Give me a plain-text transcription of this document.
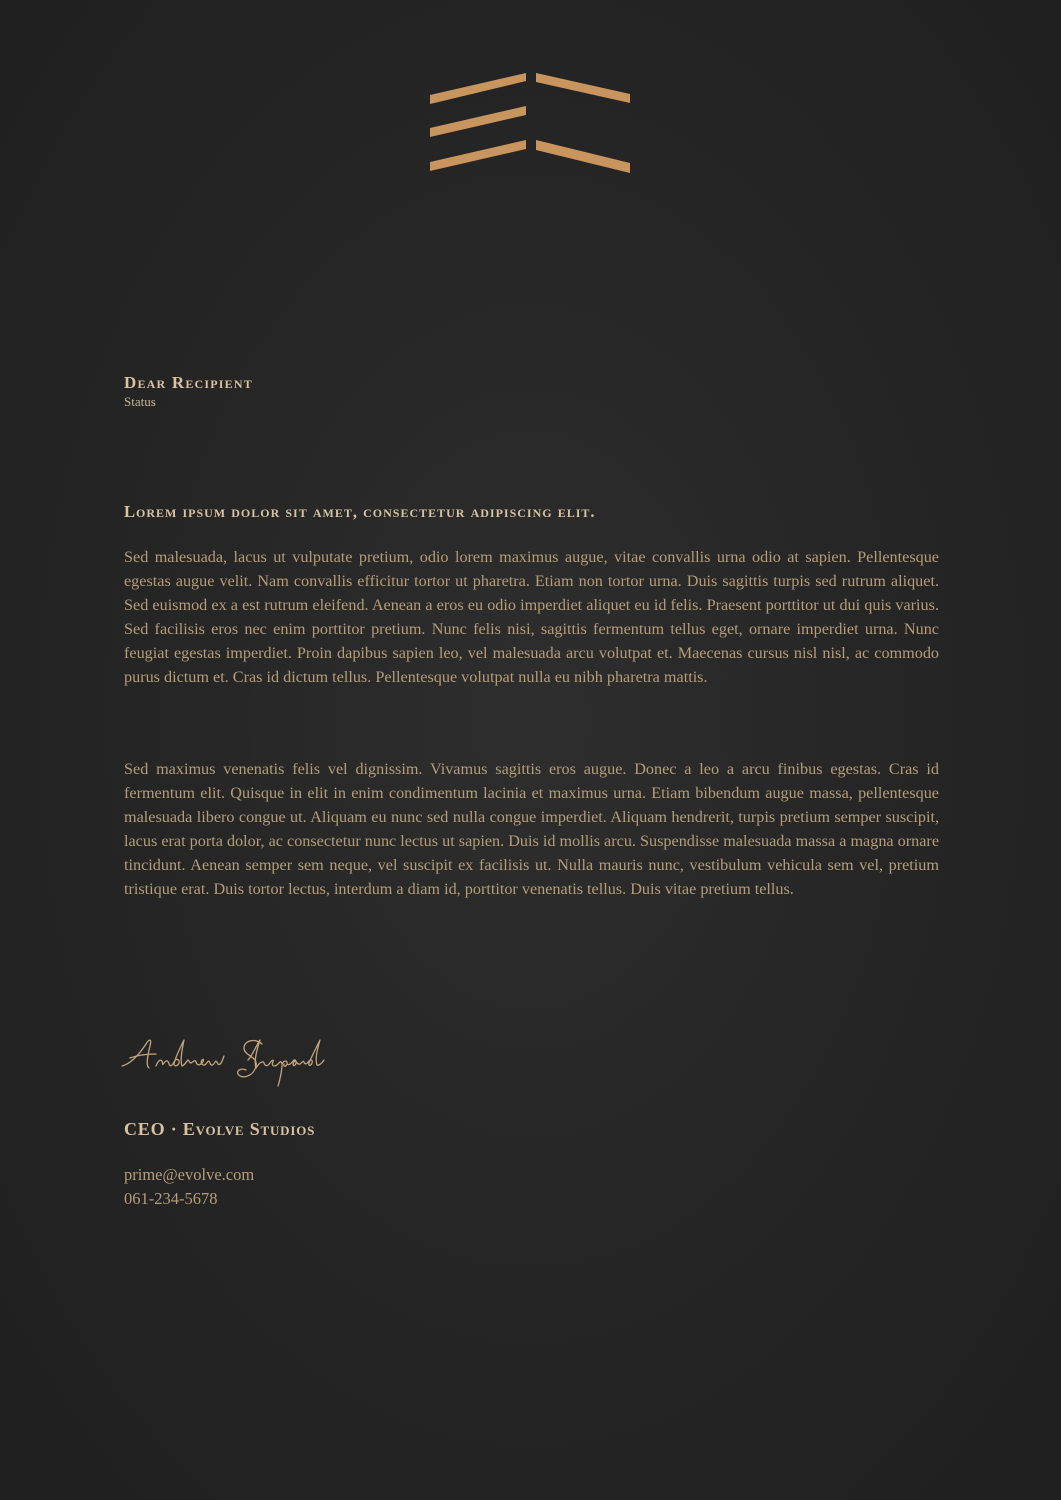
Dear Recipient
Status
Lorem ipsum dolor sit amet, consectetur adipiscing elit.

Sed malesuada, lacus ut vulputate pretium, odio lorem maximus augue, vitae convallis urna odio at sapien. Pellentesque egestas augue velit. Nam convallis efficitur tortor ut pharetra. Etiam non tortor urna. Duis sagittis turpis sed rutrum aliquet. Sed euismod ex a est rutrum eleifend. Aenean a eros eu odio imperdiet aliquet eu id felis. Praesent porttitor ut dui quis varius. Sed facilisis eros nec enim porttitor pretium. Nunc felis nisi, sagittis fermentum tellus eget, ornare imperdiet urna. Nunc feugiat egestas imperdiet. Proin dapibus sapien leo, vel malesuada arcu volutpat et. Maecenas cursus nisl nisl, ac commodo purus dictum et. Cras id dictum tellus. Pellentesque volutpat nulla eu nibh pharetra mattis.

Sed maximus venenatis felis vel dignissim. Vivamus sagittis eros augue. Donec a leo a arcu finibus egestas. Cras id fermentum elit. Quisque in elit in enim condimentum lacinia et maximus urna. Etiam bibendum augue massa, pellentesque malesuada libero congue ut. Aliquam eu nunc sed nulla congue imperdiet. Aliquam hendrerit, turpis pretium semper suscipit, lacus erat porta dolor, ac consectetur nunc lectus ut sapien. Duis id mollis arcu. Suspendisse malesuada massa a magna ornare tincidunt. Aenean semper sem neque, vel suscipit ex facilisis ut. Nulla mauris nunc, vestibulum vehicula sem vel, pretium tristique erat. Duis tortor lectus, interdum a diam id, porttitor venenatis tellus. Duis vitae pretium tellus.

CEO · Evolve Studios
prime@evolve.com
061-234-5678
